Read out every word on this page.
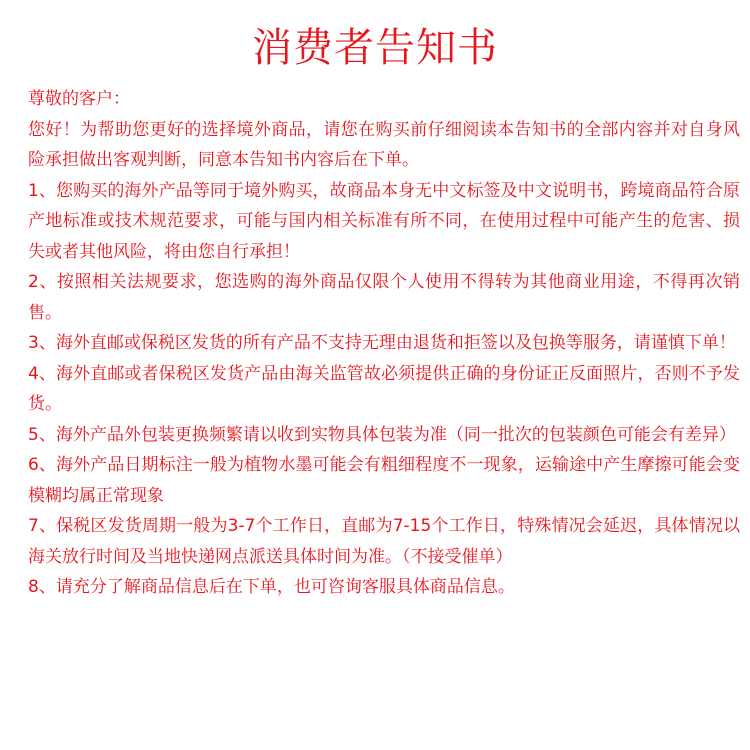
消费者告知书

尊敬的客户：

您好！为帮助您更好的选择境外商品，请您在购买前仔细阅读本告知书的全部内容并对自身风险承担做出客观判断，同意本告知书内容后在下单。

1、您购买的海外产品等同于境外购买，故商品本身无中文标签及中文说明书，跨境商品符合原产地标准或技术规范要求，可能与国内相关标准有所不同，在使用过程中可能产生的危害、损失或者其他风险，将由您自行承担！

2、按照相关法规要求，您选购的海外商品仅限个人使用不得转为其他商业用途，不得再次销售。

3、海外直邮或保税区发货的所有产品不支持无理由退货和拒签以及包换等服务，请谨慎下单！

4、海外直邮或者保税区发货产品由海关监管故必须提供正确的身份证正反面照片，否则不予发货。

5、海外产品外包装更换频繁请以收到实物具体包装为准（同一批次的包装颜色可能会有差异）

6、海外产品日期标注一般为植物水墨可能会有粗细程度不一现象，运输途中产生摩擦可能会变模糊均属正常现象

7、保税区发货周期一般为3-7个工作日，直邮为7-15个工作日，特殊情况会延迟，具体情况以海关放行时间及当地快递网点派送具体时间为准。（不接受催单）

8、请充分了解商品信息后在下单，也可咨询客服具体商品信息。
